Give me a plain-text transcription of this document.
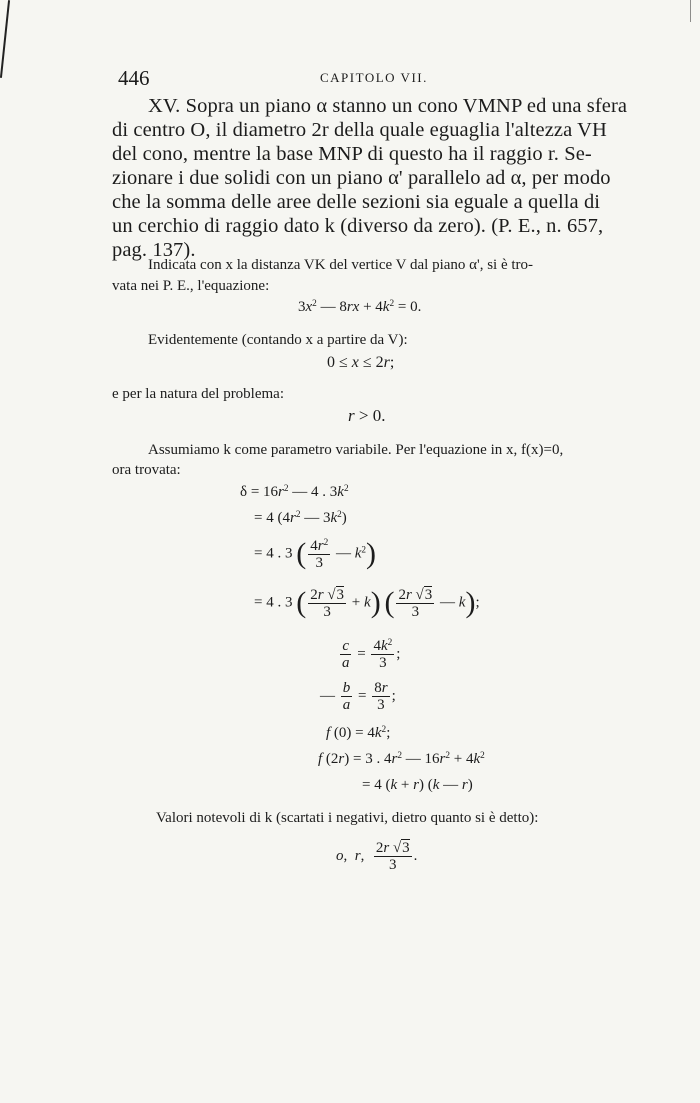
446	CAPITOLO VII.
XV. Sopra un piano α stanno un cono VMNP ed una sfera
di centro O, il diametro 2r della quale eguaglia l'altezza VH
del cono, mentre la base MNP di questo ha il raggio r. Se-
zionare i due solidi con un piano α' parallelo ad α, per modo
che la somma delle aree delle sezioni sia eguale a quella di
un cerchio di raggio dato k (diverso da zero). (P. E., n. 657,
pag. 137).
Indicata con x la distanza VK del vertice V dal piano α', si è tro-
vata nei P. E., l'equazione:
$3x^2$ — $8rx + 4k^2 = 0$.
Evidentemente (contando x a partire da V):
0 ≤ x ≤ 2r;
e per la natura del problema:
r > 0.
Assumiamo k come parametro variabile. Per l'equazione in x, f(x)=0,
ora trovata:
$\delta = 16r^2$ — 4 . $3k^2$
= 4 ($4r^2$ — $3k^2$)
= 4 . 3 ( $\frac{4r^2}{3}$ — $k^2$)
= 4 . 3 ( $\frac{2r √3}{3} + k$) ( $\frac{2r √3}{3}$ — k);
$\frac{c}{a} = \frac{4k^2}{3}$ ;
— $\frac{b}{a} = \frac{8r}{3}$ ;
f $(0) = 4k^2$;
f (2r) = 3 . $4r^2$ — $16r^2 + 4k^2$
= 4 (k + r) (k — r)
Valori notevoli di k (scartati i negativi, dietro quanto si è detto):
o,  r, $\frac{2r √3}{3}$ .
